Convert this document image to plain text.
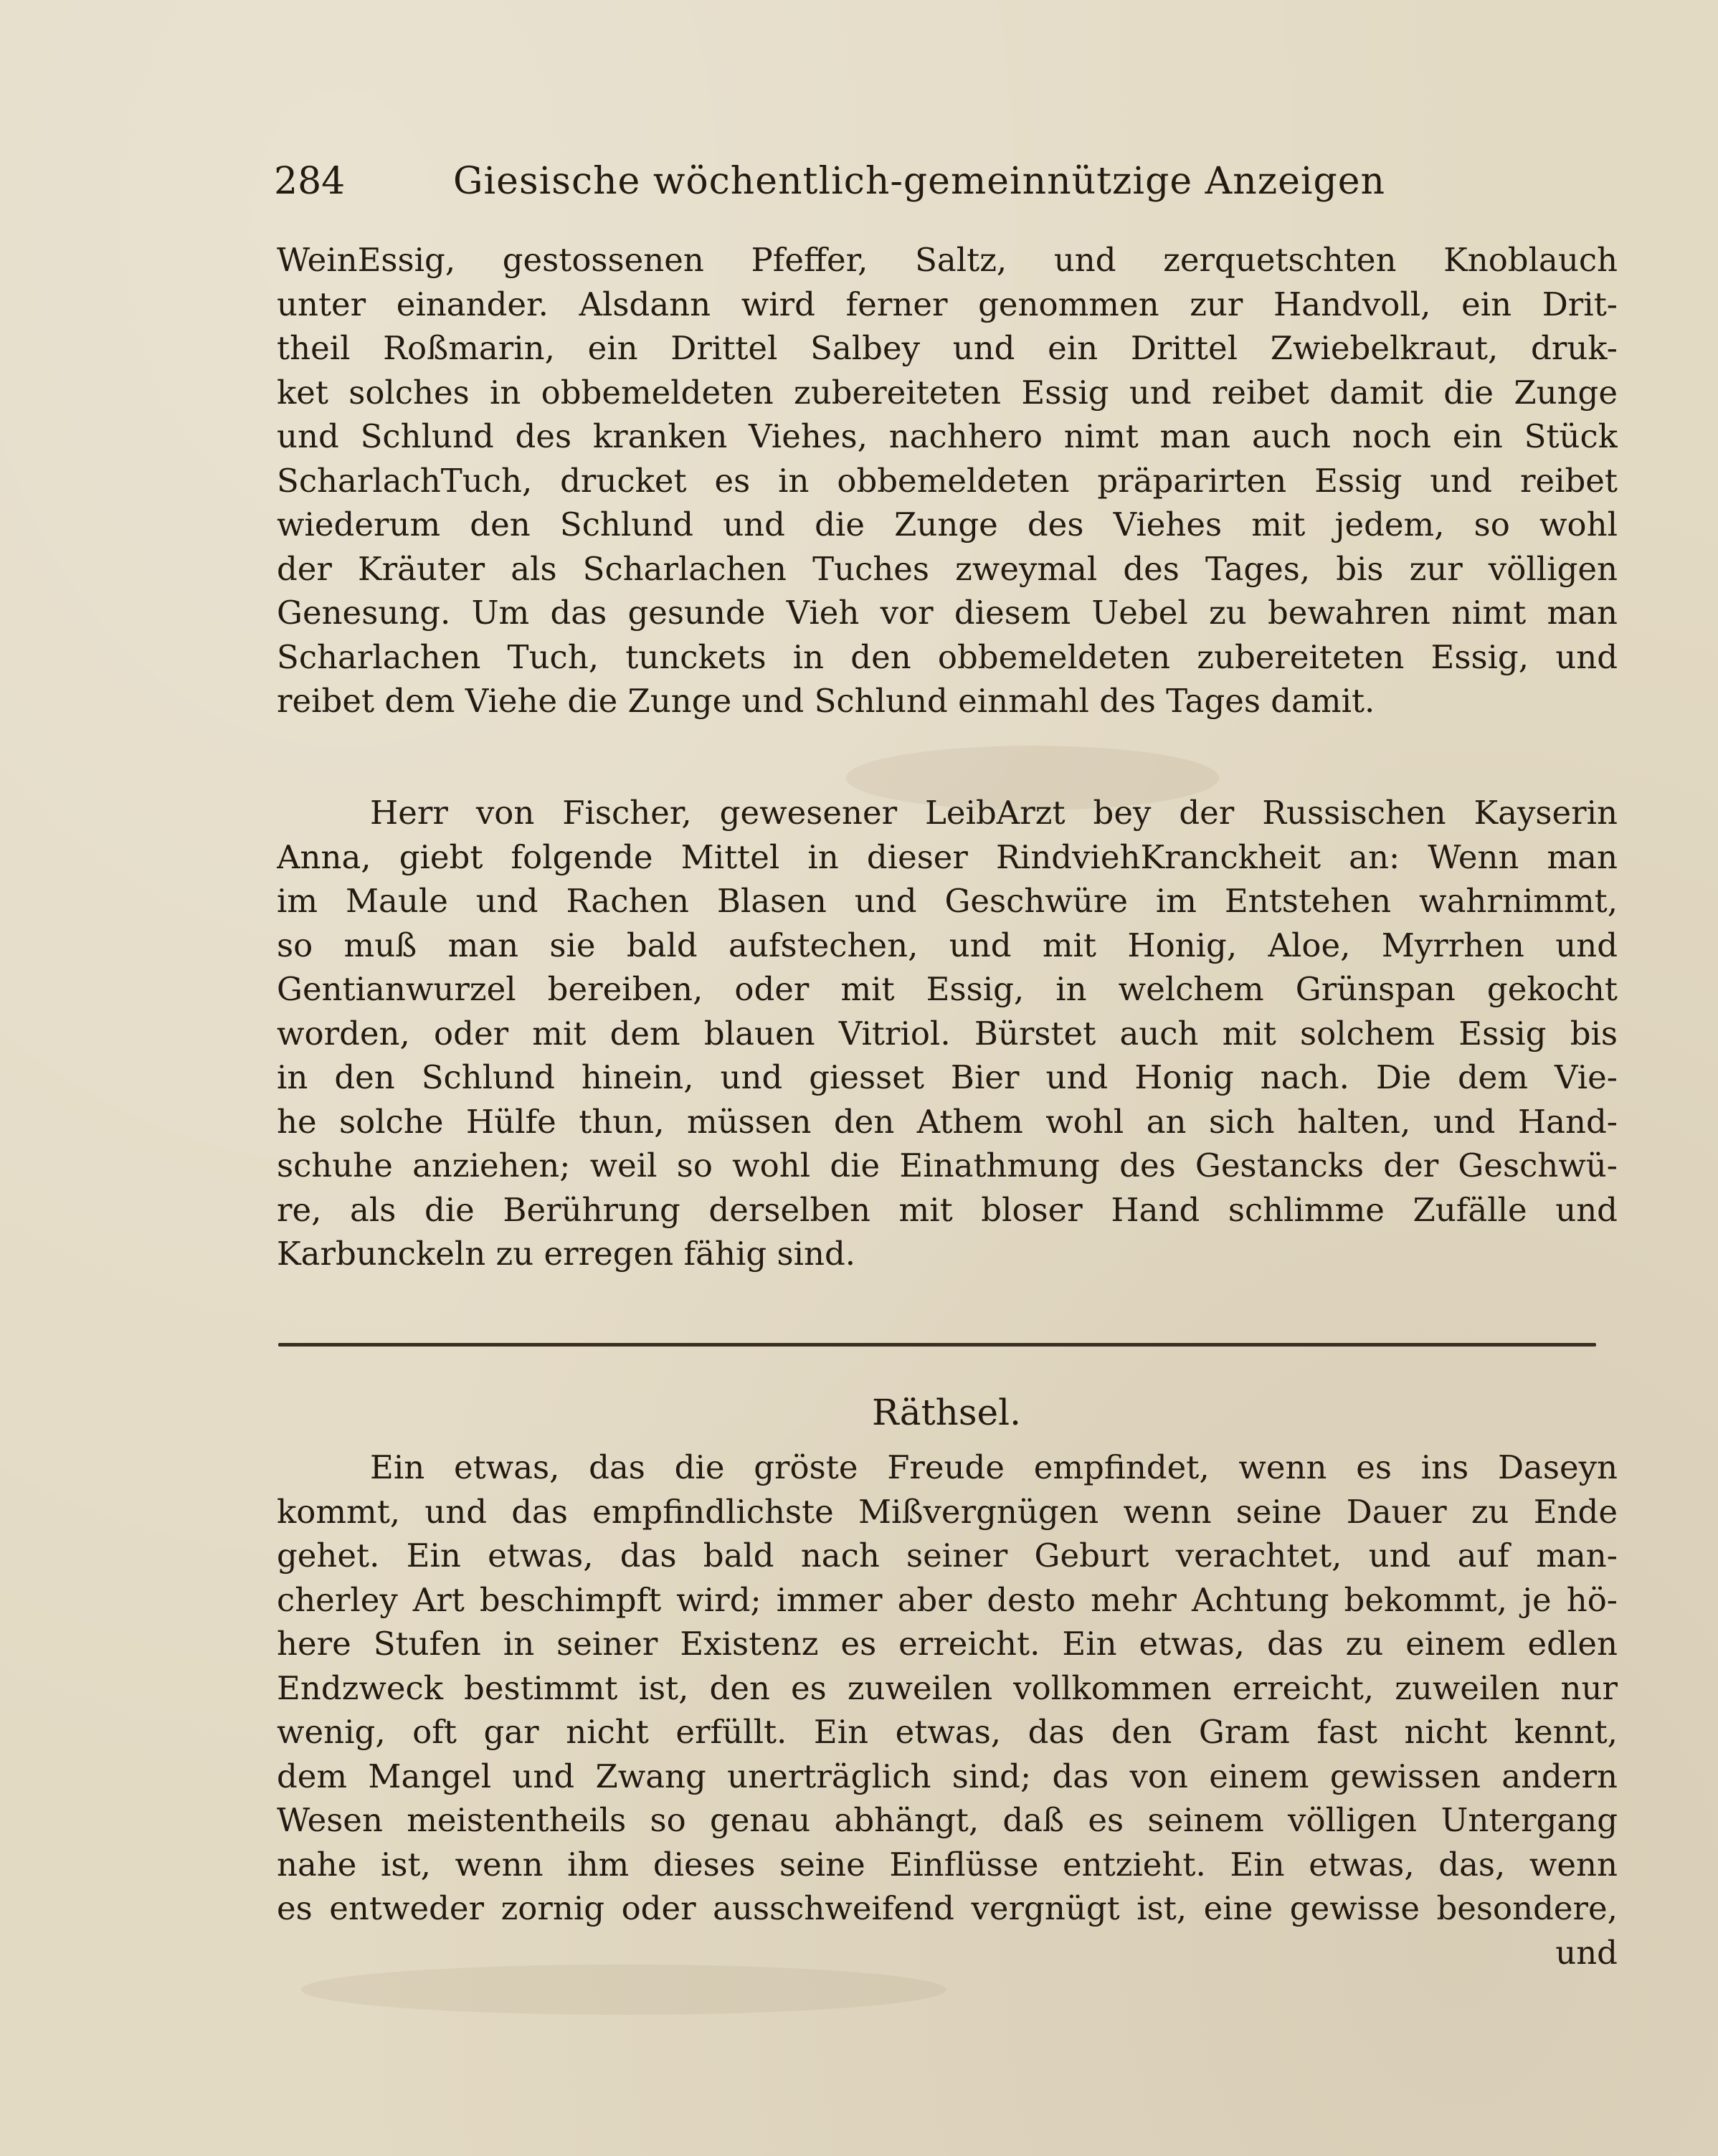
284	Giesische wöchentlich-gemeinnützige Anzeigen
WeinEssig, gestossenen Pfeffer, Saltz, und zerquetschten Knoblauch
unter einander. Alsdann wird ferner genommen zur Handvoll, ein Drit-
theil Roßmarin, ein Drittel Salbey und ein Drittel Zwiebelkraut, druk-
ket solches in obbemeldeten zubereiteten Essig und reibet damit die Zunge
und Schlund des kranken Viehes, nachhero nimt man auch noch ein Stück
ScharlachTuch, drucket es in obbemeldeten präparirten Essig und reibet
wiederum den Schlund und die Zunge des Viehes mit jedem, so wohl
der Kräuter als Scharlachen Tuches zweymal des Tages, bis zur völligen
Genesung. Um das gesunde Vieh vor diesem Uebel zu bewahren nimt man
Scharlachen Tuch, tunckets in den obbemeldeten zubereiteten Essig, und
reibet dem Viehe die Zunge und Schlund einmahl des Tages damit.
Herr von Fischer, gewesener LeibArzt bey der Russischen Kayserin
Anna, giebt folgende Mittel in dieser RindviehKranckheit an: Wenn man
im Maule und Rachen Blasen und Geschwüre im Entstehen wahrnimmt,
so muß man sie bald aufstechen, und mit Honig, Aloe, Myrrhen und
Gentianwurzel bereiben, oder mit Essig, in welchem Grünspan gekocht
worden, oder mit dem blauen Vitriol. Bürstet auch mit solchem Essig bis
in den Schlund hinein, und giesset Bier und Honig nach. Die dem Vie-
he solche Hülfe thun, müssen den Athem wohl an sich halten, und Hand-
schuhe anziehen; weil so wohl die Einathmung des Gestancks der Geschwü-
re, als die Berührung derselben mit bloser Hand schlimme Zufälle und
Karbunckeln zu erregen fähig sind.
Räthsel.
Ein etwas, das die gröste Freude empfindet, wenn es ins Daseyn
kommt, und das empfindlichste Mißvergnügen wenn seine Dauer zu Ende
gehet. Ein etwas, das bald nach seiner Geburt verachtet, und auf man-
cherley Art beschimpft wird; immer aber desto mehr Achtung bekommt, je hö-
here Stufen in seiner Existenz es erreicht. Ein etwas, das zu einem edlen
Endzweck bestimmt ist, den es zuweilen vollkommen erreicht, zuweilen nur
wenig, oft gar nicht erfüllt. Ein etwas, das den Gram fast nicht kennt,
dem Mangel und Zwang unerträglich sind; das von einem gewissen andern
Wesen meistentheils so genau abhängt, daß es seinem völligen Untergang
nahe ist, wenn ihm dieses seine Einflüsse entzieht. Ein etwas, das, wenn
es entweder zornig oder ausschweifend vergnügt ist, eine gewisse besondere,
und
